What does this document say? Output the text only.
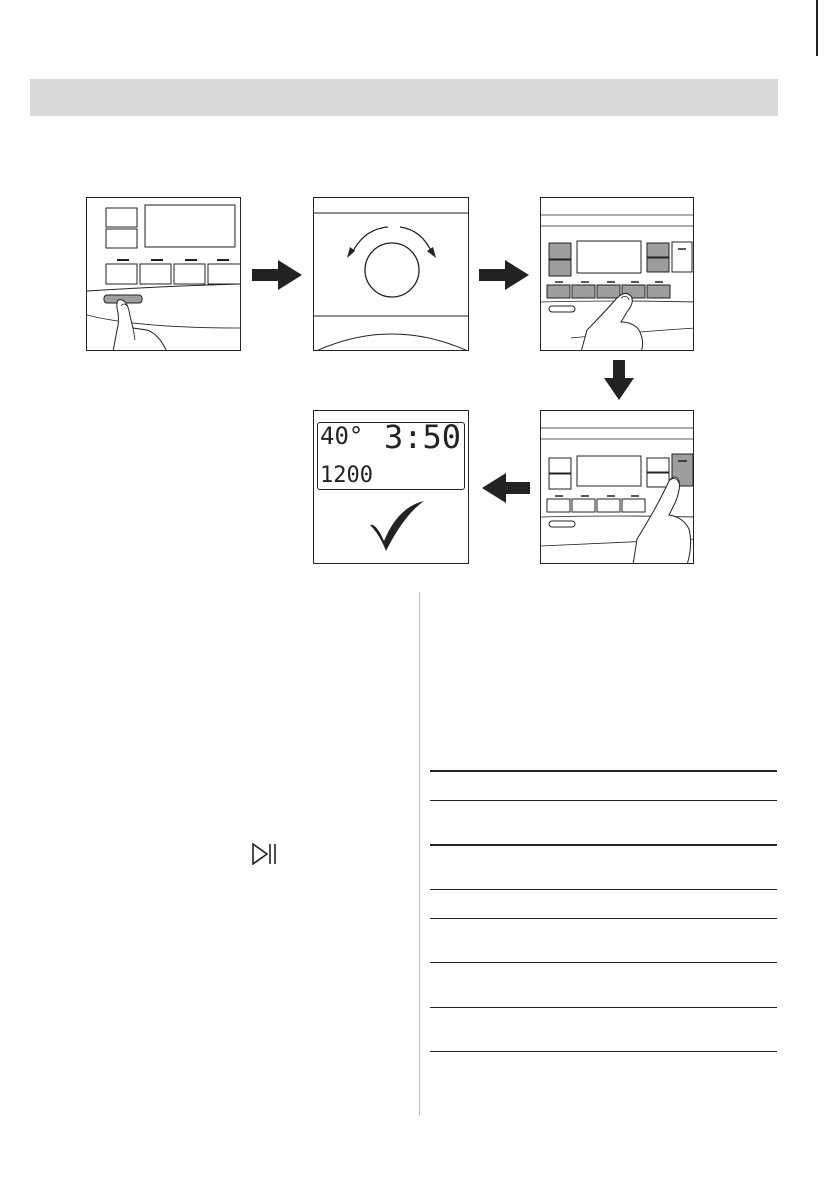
40° 3:50
1200
